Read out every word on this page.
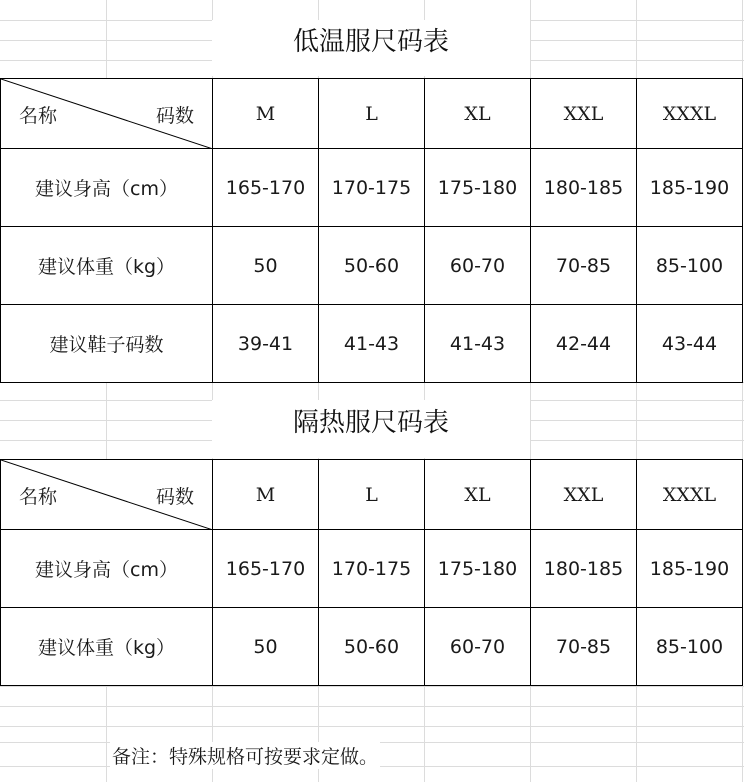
低温服尺码表
名称 码数	M	L	XL	XXL	XXXL
建议身高（cm）	165-170	170-175	175-180	180-185	185-190
建议体重（kg）	50	50-60	60-70	70-85	85-100
建议鞋子码数	39-41	41-43	41-43	42-44	43-44
隔热服尺码表
名称 码数	M	L	XL	XXL	XXXL
建议身高（cm）	165-170	170-175	175-180	180-185	185-190
建议体重（kg）	50	50-60	60-70	70-85	85-100
备注：特殊规格可按要求定做。
